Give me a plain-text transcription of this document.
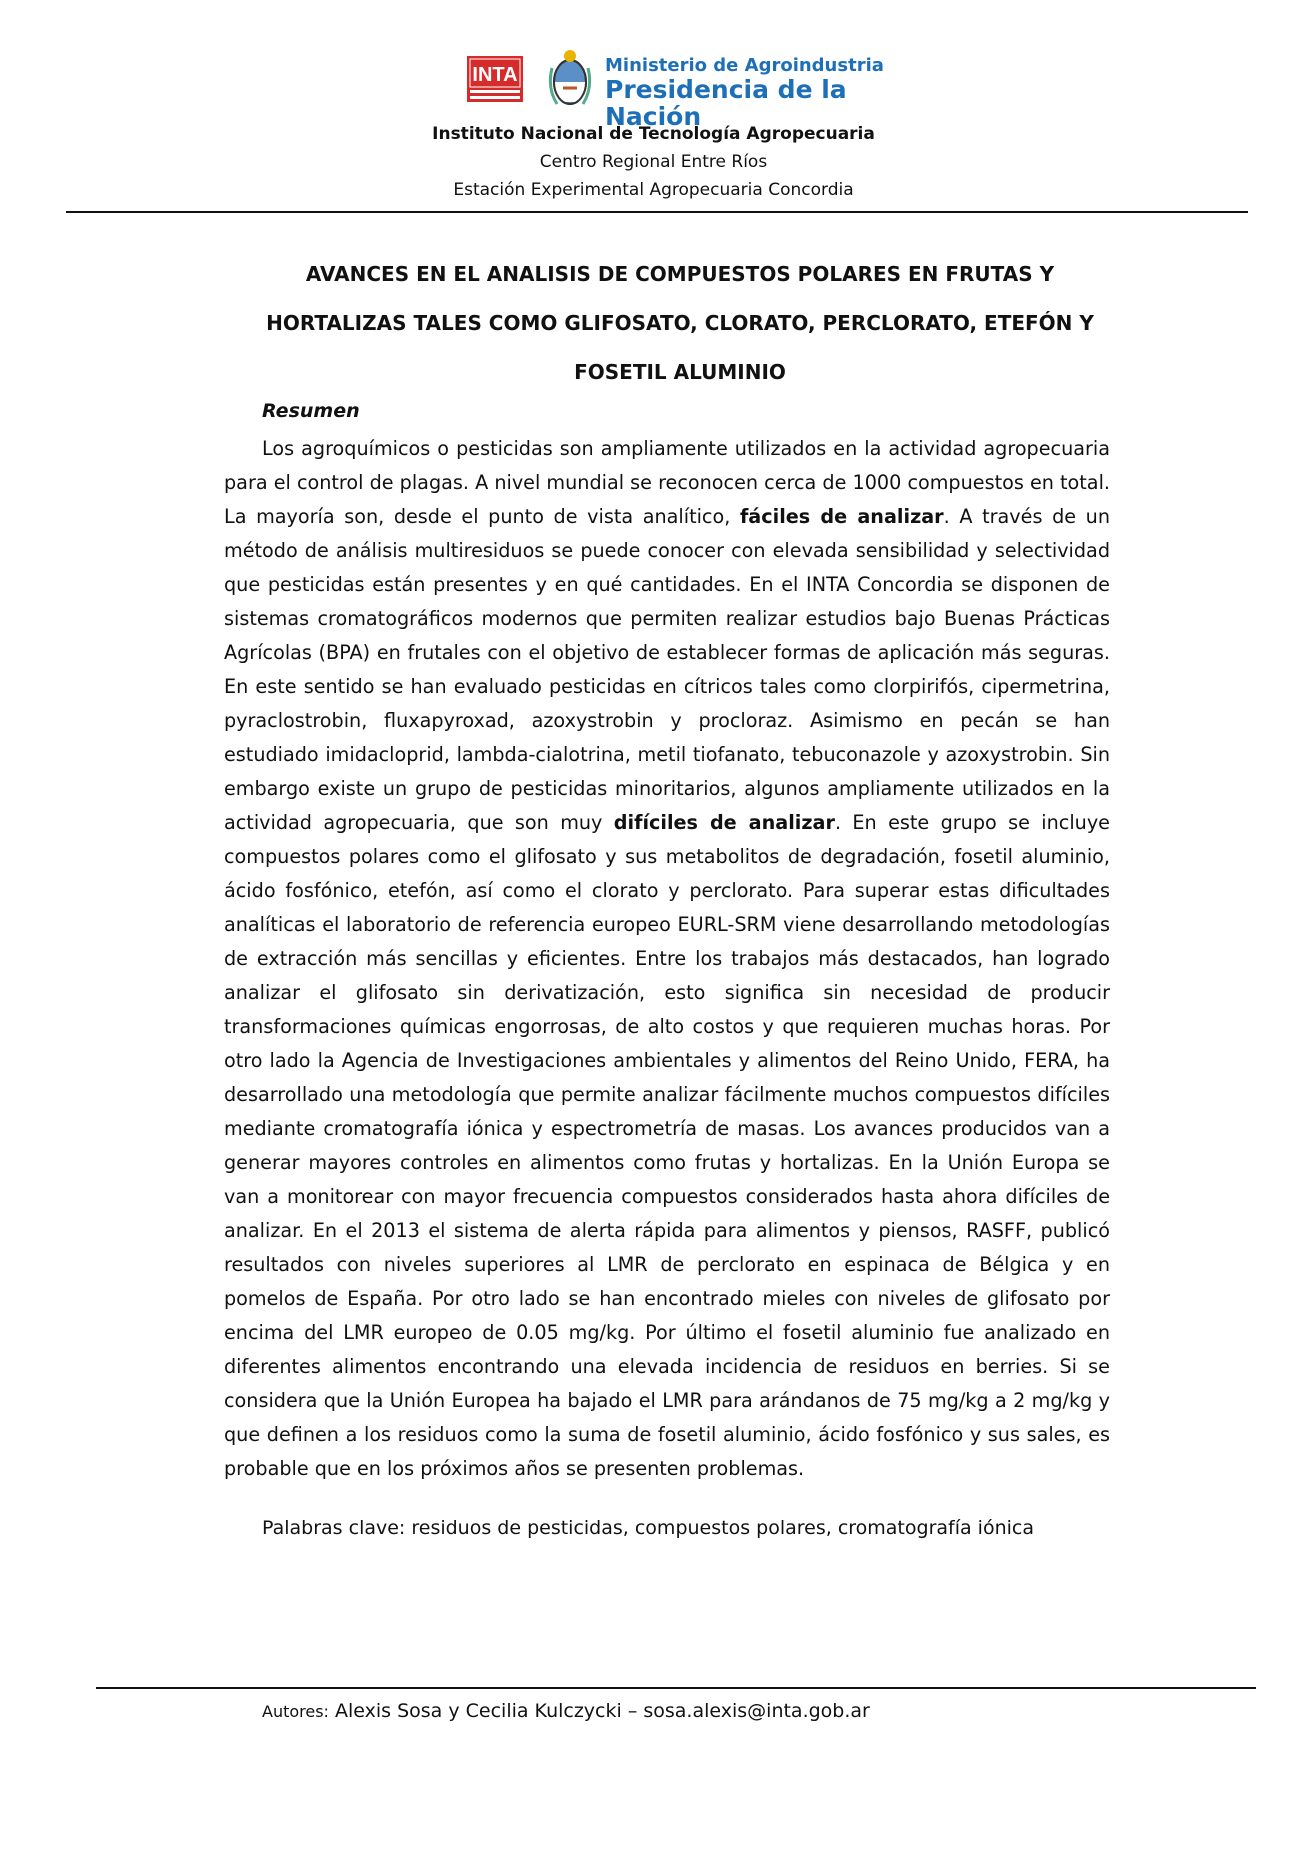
INTA	Ministerio de Agroindustria
Presidencia de la Nación
Instituto Nacional de Tecnología Agropecuaria
Centro Regional Entre Ríos
Estación Experimental Agropecuaria Concordia
AVANCES EN EL ANALISIS DE COMPUESTOS POLARES EN FRUTAS Y
HORTALIZAS TALES COMO GLIFOSATO, CLORATO, PERCLORATO, ETEFÓN Y
FOSETIL ALUMINIO
Resumen
Los agroquímicos o pesticidas son ampliamente utilizados en la actividad agropecuaria para el control de plagas. A nivel mundial se reconocen cerca de 1000 compuestos en total. La mayoría son, desde el punto de vista analítico, fáciles de analizar. A través de un método de análisis multiresiduos se puede conocer con elevada sensibilidad y selectividad que pesticidas están presentes y en qué cantidades. En el INTA Concordia se disponen de sistemas cromatográficos modernos que permiten realizar estudios bajo Buenas Prácticas Agrícolas (BPA) en frutales con el objetivo de establecer formas de aplicación más seguras. En este sentido se han evaluado pesticidas en cítricos tales como clorpirifós, cipermetrina, pyraclostrobin, fluxapyroxad, azoxystrobin y procloraz. Asimismo en pecán se han estudiado imidacloprid, lambda-cialotrina, metil tiofanato, tebuconazole y azoxystrobin. Sin embargo existe un grupo de pesticidas minoritarios, algunos ampliamente utilizados en la actividad agropecuaria, que son muy difíciles de analizar. En este grupo se incluye compuestos polares como el glifosato y sus metabolitos de degradación, fosetil aluminio, ácido fosfónico, etefón, así como el clorato y perclorato. Para superar estas dificultades analíticas el laboratorio de referencia europeo EURL-SRM viene desarrollando metodologías de extracción más sencillas y eficientes. Entre los trabajos más destacados, han logrado analizar el glifosato sin derivatización, esto significa sin necesidad de producir transformaciones químicas engorrosas, de alto costos y que requieren muchas horas. Por otro lado la Agencia de Investigaciones ambientales y alimentos del Reino Unido, FERA, ha desarrollado una metodología que permite analizar fácilmente muchos compuestos difíciles mediante cromatografía iónica y espectrometría de masas. Los avances producidos van a generar mayores controles en alimentos como frutas y hortalizas. En la Unión Europa se van a monitorear con mayor frecuencia compuestos considerados hasta ahora difíciles de analizar. En el 2013 el sistema de alerta rápida para alimentos y piensos, RASFF, publicó resultados con niveles superiores al LMR de perclorato en espinaca de Bélgica y en pomelos de España. Por otro lado se han encontrado mieles con niveles de glifosato por encima del LMR europeo de 0.05 mg/kg. Por último el fosetil aluminio fue analizado en diferentes alimentos encontrando una elevada incidencia de residuos en berries. Si se considera que la Unión Europea ha bajado el LMR para arándanos de 75 mg/kg a 2 mg/kg y que definen a los residuos como la suma de fosetil aluminio, ácido fosfónico y sus sales, es probable que en los próximos años se presenten problemas.
Palabras clave: residuos de pesticidas, compuestos polares, cromatografía iónica
Autores: Alexis Sosa y Cecilia Kulczycki – sosa.alexis@inta.gob.ar
